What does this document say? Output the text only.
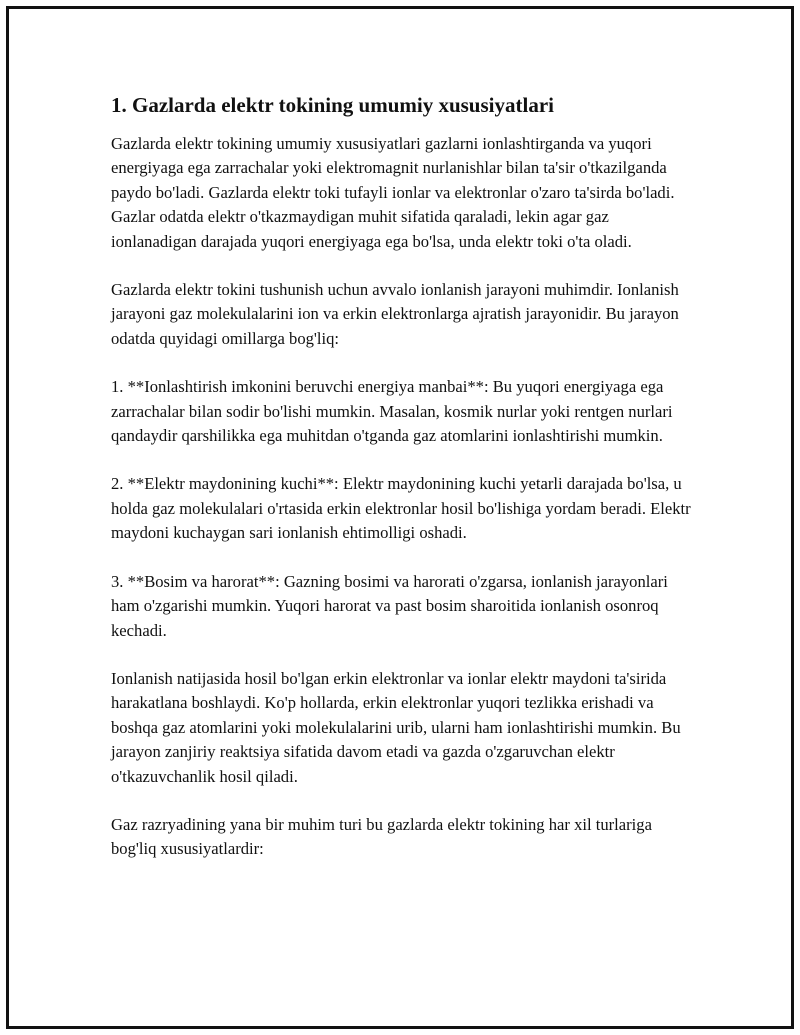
1. Gazlarda elektr tokining umumiy xususiyatlari

Gazlarda elektr tokining umumiy xususiyatlari gazlarni ionlashtirganda va yuqori energiyaga ega zarrachalar yoki elektromagnit nurlanishlar bilan ta'sir o'tkazilganda paydo bo'ladi. Gazlarda elektr toki tufayli ionlar va elektronlar o'zaro ta'sirda bo'ladi. Gazlar odatda elektr o'tkazmaydigan muhit sifatida qaraladi, lekin agar gaz ionlanadigan darajada yuqori energiyaga ega bo'lsa, unda elektr toki o'ta oladi.

Gazlarda elektr tokini tushunish uchun avvalo ionlanish jarayoni muhimdir. Ionlanish jarayoni gaz molekulalarini ion va erkin elektronlarga ajratish jarayonidir. Bu jarayon odatda quyidagi omillarga bog'liq:

1. **Ionlashtirish imkonini beruvchi energiya manbai**: Bu yuqori energiyaga ega zarrachalar bilan sodir bo'lishi mumkin. Masalan, kosmik nurlar yoki rentgen nurlari qandaydir qarshilikka ega muhitdan o'tganda gaz atomlarini ionlashtirishi mumkin.

2. **Elektr maydonining kuchi**: Elektr maydonining kuchi yetarli darajada bo'lsa, u holda gaz molekulalari o'rtasida erkin elektronlar hosil bo'lishiga yordam beradi. Elektr maydoni kuchaygan sari ionlanish ehtimolligi oshadi.

3. **Bosim va harorat**: Gazning bosimi va harorati o'zgarsa, ionlanish jarayonlari ham o'zgarishi mumkin. Yuqori harorat va past bosim sharoitida ionlanish osonroq kechadi.

Ionlanish natijasida hosil bo'lgan erkin elektronlar va ionlar elektr maydoni ta'sirida harakatlana boshlaydi. Ko'p hollarda, erkin elektronlar yuqori tezlikka erishadi va boshqa gaz atomlarini yoki molekulalarini urib, ularni ham ionlashtirishi mumkin. Bu jarayon zanjiriy reaktsiya sifatida davom etadi va gazda o'zgaruvchan elektr o'tkazuvchanlik hosil qiladi.

Gaz razryadining yana bir muhim turi bu gazlarda elektr tokining har xil turlariga bog'liq xususiyatlardir:
